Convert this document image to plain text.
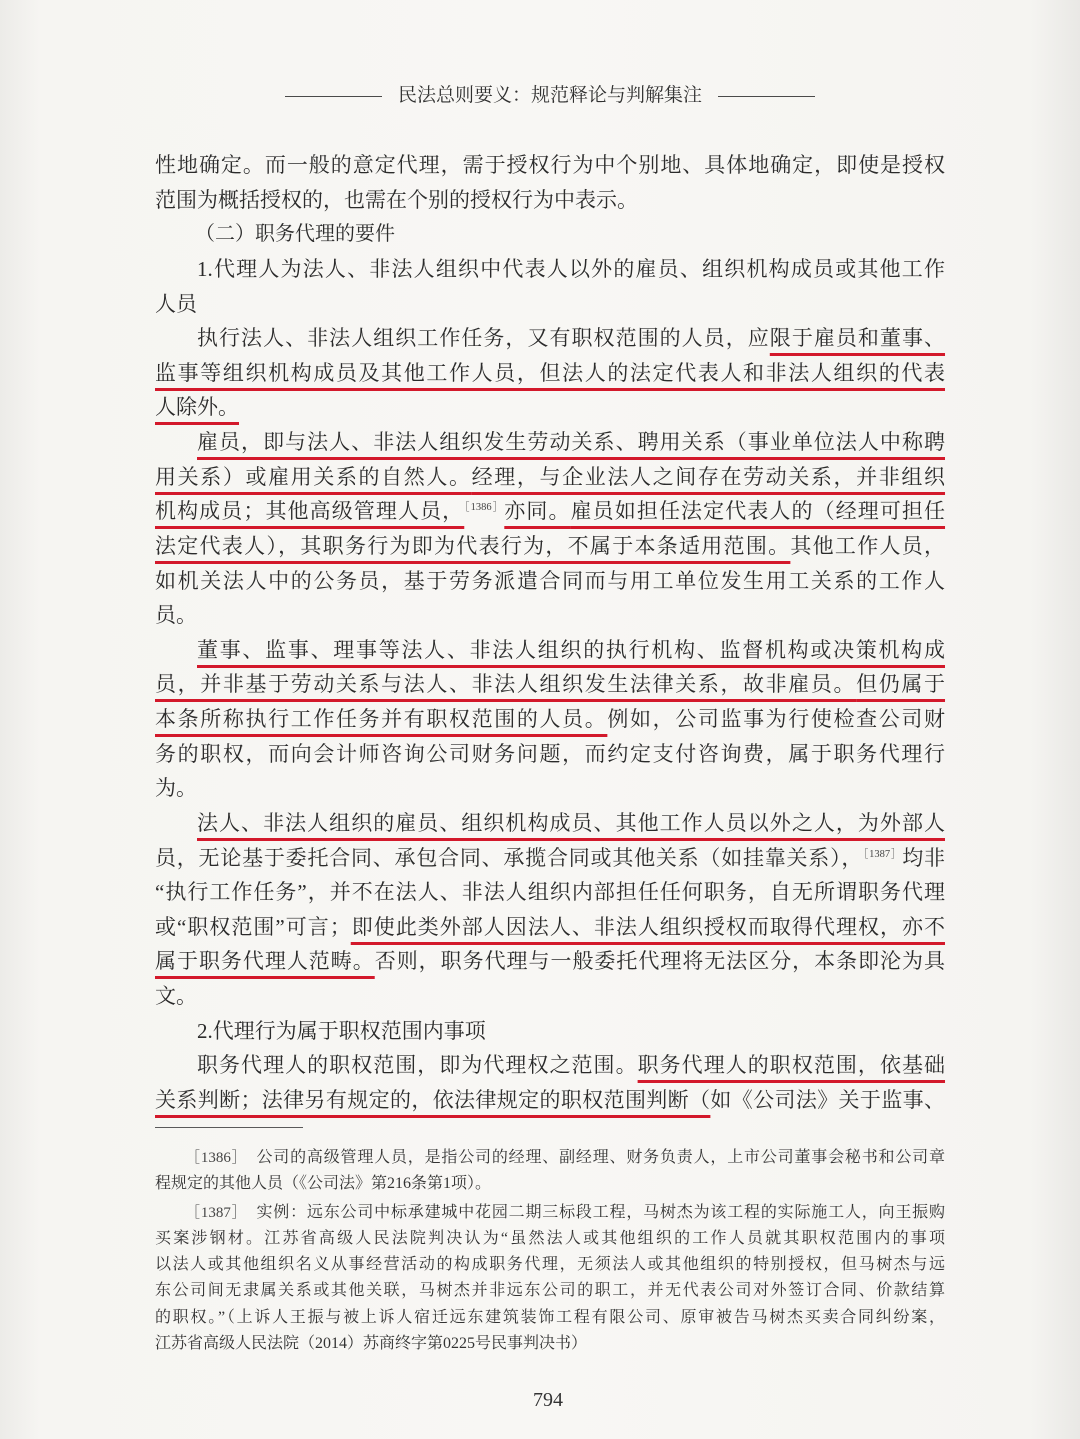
民法总则要义：规范释论与判解集注
性地确定。而一般的意定代理，需于授权行为中个别地、具体地确定，即使是授权
范围为概括授权的，也需在个别的授权行为中表示。
（二）职务代理的要件
1.代理人为法人、非法人组织中代表人以外的雇员、组织机构成员或其他工作
人员
执行法人、非法人组织工作任务，又有职权范围的人员，应限于雇员和董事、
监事等组织机构成员及其他工作人员，但法人的法定代表人和非法人组织的代表
人除外。
雇员，即与法人、非法人组织发生劳动关系、聘用关系（事业单位法人中称聘
用关系）或雇用关系的自然人。经理，与企业法人之间存在劳动关系，并非组织
机构成员；其他高级管理人员，$^{[1386]}$亦同。雇员如担任法定代表人的（经理可担任
法定代表人），其职务行为即为代表行为，不属于本条适用范围。其他工作人员，
如机关法人中的公务员，基于劳务派遣合同而与用工单位发生用工关系的工作人
员。
董事、监事、理事等法人、非法人组织的执行机构、监督机构或决策机构成
员，并非基于劳动关系与法人、非法人组织发生法律关系，故非雇员。但仍属于
本条所称执行工作任务并有职权范围的人员。例如，公司监事为行使检查公司财
务的职权，而向会计师咨询公司财务问题，而约定支付咨询费，属于职务代理行
为。
法人、非法人组织的雇员、组织机构成员、其他工作人员以外之人，为外部人
员，无论基于委托合同、承包合同、承揽合同或其他关系（如挂靠关系），$^{[1387]}$均非
“执行工作任务”，并不在法人、非法人组织内部担任任何职务，自无所谓职务代理
或“职权范围”可言；即使此类外部人因法人、非法人组织授权而取得代理权，亦不
属于职务代理人范畴。否则，职务代理与一般委托代理将无法区分，本条即沦为具
文。
2.代理行为属于职权范围内事项
职务代理人的职权范围，即为代理权之范围。职务代理人的职权范围，依基础
关系判断；法律另有规定的，依法律规定的职权范围判断（如《公司法》关于监事、
［1386］ 公司的高级管理人员，是指公司的经理、副经理、财务负责人，上市公司董事会秘书和公司章
程规定的其他人员（《公司法》第216条第1项）。
［1387］ 实例：远东公司中标承建城中花园二期三标段工程，马树杰为该工程的实际施工人，向王振购
买案涉钢材。江苏省高级人民法院判决认为“虽然法人或其他组织的工作人员就其职权范围内的事项
以法人或其他组织名义从事经营活动的构成职务代理，无须法人或其他组织的特别授权，但马树杰与远
东公司间无隶属关系或其他关联，马树杰并非远东公司的职工，并无代表公司对外签订合同、价款结算
的职权。”（上诉人王振与被上诉人宿迁远东建筑装饰工程有限公司、原审被告马树杰买卖合同纠纷案，
江苏省高级人民法院（2014）苏商终字第0225号民事判决书）
794
